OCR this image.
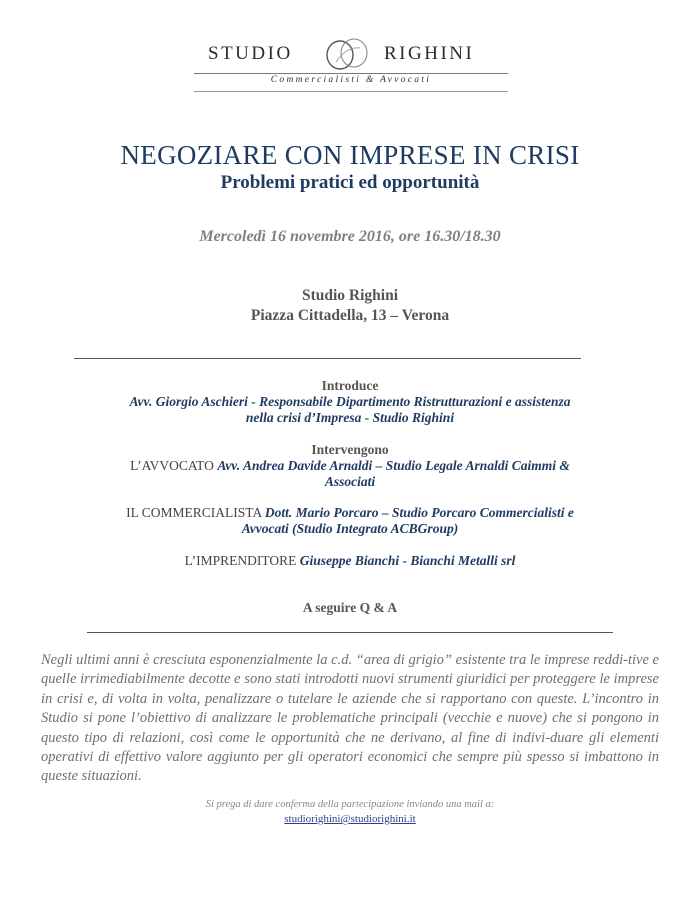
STUDIO	RIGHINI
Commercialisti & Avvocati
NEGOZIARE CON IMPRESE IN CRISI
Problemi pratici ed opportunità
Mercoledì 16 novembre 2016, ore 16.30/18.30
Studio Righini
Piazza Cittadella, 13 – Verona
Introduce
Avv. Giorgio Aschieri - Responsabile Dipartimento Ristrutturazioni e assistenza
nella crisi d’Impresa - Studio Righini
Intervengono
L’AVVOCATO Avv. Andrea Davide Arnaldi – Studio Legale Arnaldi Caimmi &
Associati
IL COMMERCIALISTA Dott. Mario Porcaro – Studio Porcaro Commercialisti e
Avvocati (Studio Integrato ACBGroup)
L’IMPRENDITORE Giuseppe Bianchi - Bianchi Metalli srl
A seguire Q & A
Negli ultimi anni è cresciuta esponenzialmente la c.d. “area di grigio” esistente tra le imprese reddi-tive e quelle irrimediabilmente decotte e sono stati introdotti nuovi strumenti giuridici per proteggere le imprese in crisi e, di volta in volta, penalizzare o tutelare le aziende che si rapportano con queste. L’incontro in Studio si pone l’obiettivo di analizzare le problematiche principali (vecchie e nuove) che si pongono in questo tipo di relazioni, così come le opportunità che ne derivano, al fine di indivi-duare gli elementi operativi di effettivo valore aggiunto per gli operatori economici che sempre più spesso si imbattono in queste situazioni.
Si prega di dare conferma della partecipazione inviando una mail a:
studiorighini@studiorighini.it
